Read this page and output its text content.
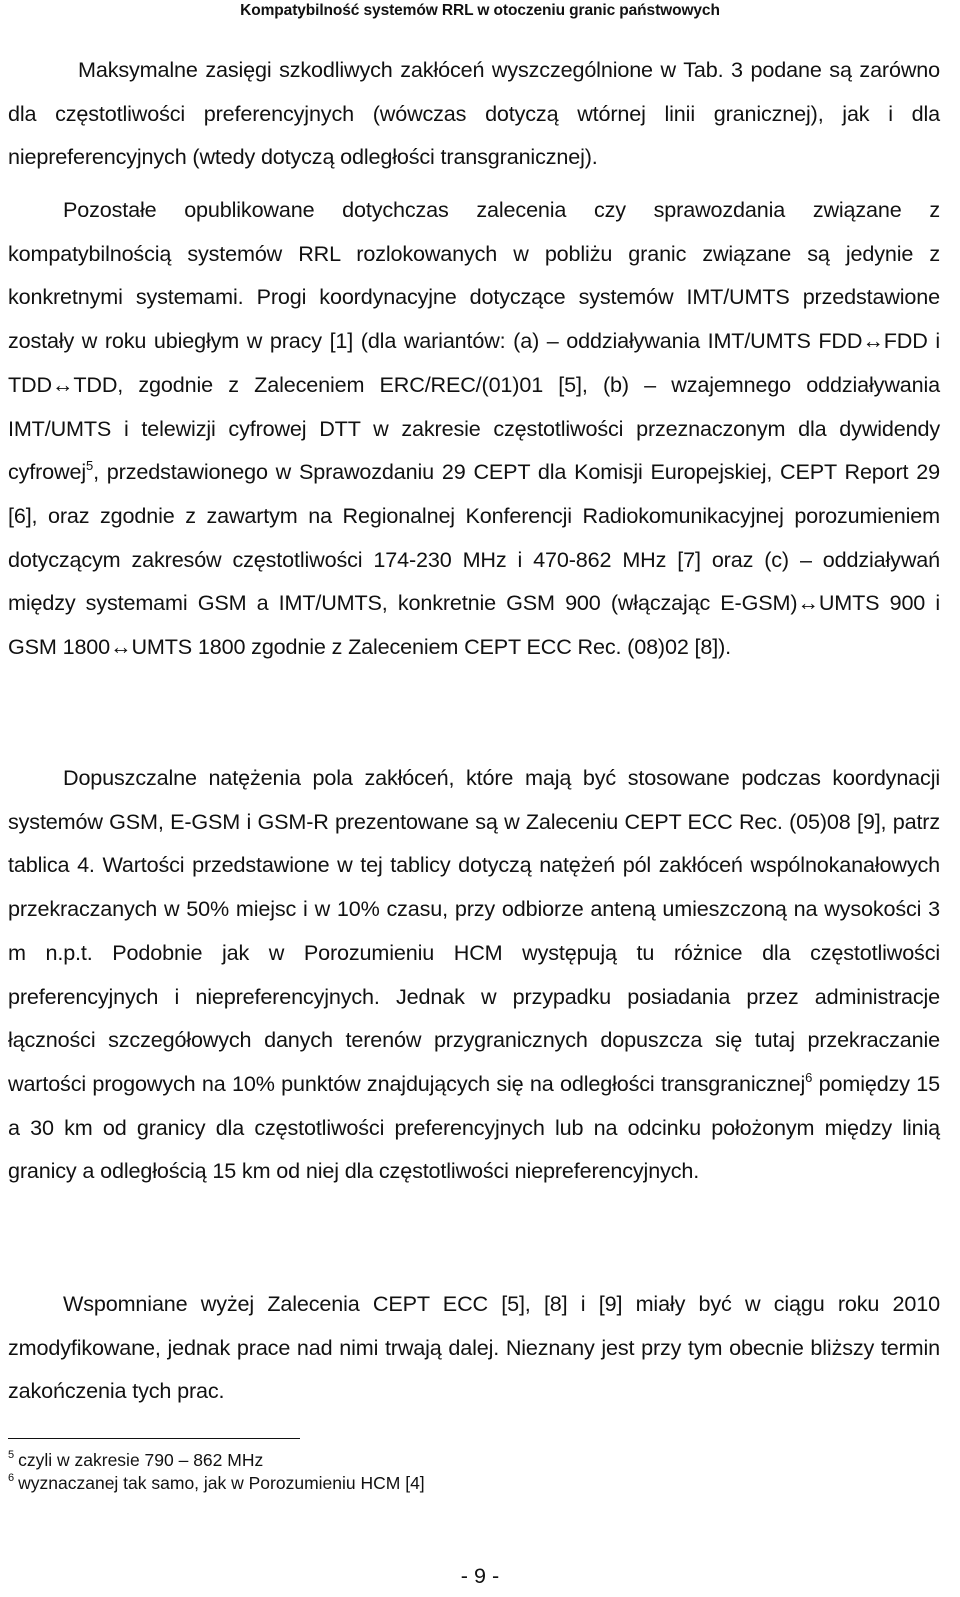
Kompatybilność systemów RRL w otoczeniu granic państwowych

Maksymalne zasięgi szkodliwych zakłóceń wyszczególnione w Tab. 3 podane są zarówno dla częstotliwości preferencyjnych (wówczas dotyczą wtórnej linii granicznej), jak i dla niepreferencyjnych (wtedy dotyczą odległości transgranicznej).

Pozostałe opublikowane dotychczas zalecenia czy sprawozdania związane z kompatybilnością systemów RRL rozlokowanych w pobliżu granic związane są jedynie z konkretnymi systemami. Progi koordynacyjne dotyczące systemów IMT/UMTS przedstawione zostały w roku ubiegłym w pracy [1] (dla wariantów: (a) – oddziaływania IMT/UMTS FDD↔FDD i TDD↔TDD, zgodnie z Zaleceniem ERC/REC/(01)01 [5], (b) – wzajemnego oddziaływania IMT/UMTS i telewizji cyfrowej DTT w zakresie częstotliwości przeznaczonym dla dywidendy cyfrowej$^5$, przedstawionego w Sprawozdaniu 29 CEPT dla Komisji Europejskiej, CEPT Report 29 [6], oraz zgodnie z zawartym na Regionalnej Konferencji Radiokomunikacyjnej porozumieniem dotyczącym zakresów częstotliwości 174-230 MHz i 470-862 MHz [7] oraz (c) – oddziaływań między systemami GSM a IMT/UMTS, konkretnie GSM 900 (włączając E-GSM)↔UMTS 900 i GSM 1800↔UMTS 1800 zgodnie z Zaleceniem CEPT ECC Rec. (08)02 [8]).

Dopuszczalne natężenia pola zakłóceń, które mają być stosowane podczas koordynacji systemów GSM, E-GSM i GSM-R prezentowane są w Zaleceniu CEPT ECC Rec. (05)08 [9], patrz tablica 4. Wartości przedstawione w tej tablicy dotyczą natężeń pól zakłóceń wspólnokanałowych przekraczanych w 50% miejsc i w 10% czasu, przy odbiorze anteną umieszczoną na wysokości 3 m n.p.t. Podobnie jak w Porozumieniu HCM występują tu różnice dla częstotliwości preferencyjnych i niepreferencyjnych. Jednak w przypadku posiadania przez administracje łączności szczegółowych danych terenów przygranicznych dopuszcza się tutaj przekraczanie wartości progowych na 10% punktów znajdujących się na odległości transgranicznej$^6$ pomiędzy 15 a 30 km od granicy dla częstotliwości preferencyjnych lub na odcinku położonym między linią granicy a odległością 15 km od niej dla częstotliwości niepreferencyjnych.

Wspomniane wyżej Zalecenia CEPT ECC [5], [8] i [9] miały być w ciągu roku 2010 zmodyfikowane, jednak prace nad nimi trwają dalej. Nieznany jest przy tym obecnie bliższy termin zakończenia tych prac.

$^5$ czyli w zakresie 790 – 862 MHz
$^6$ wyznaczanej tak samo, jak w Porozumieniu HCM [4]
- 9 -
